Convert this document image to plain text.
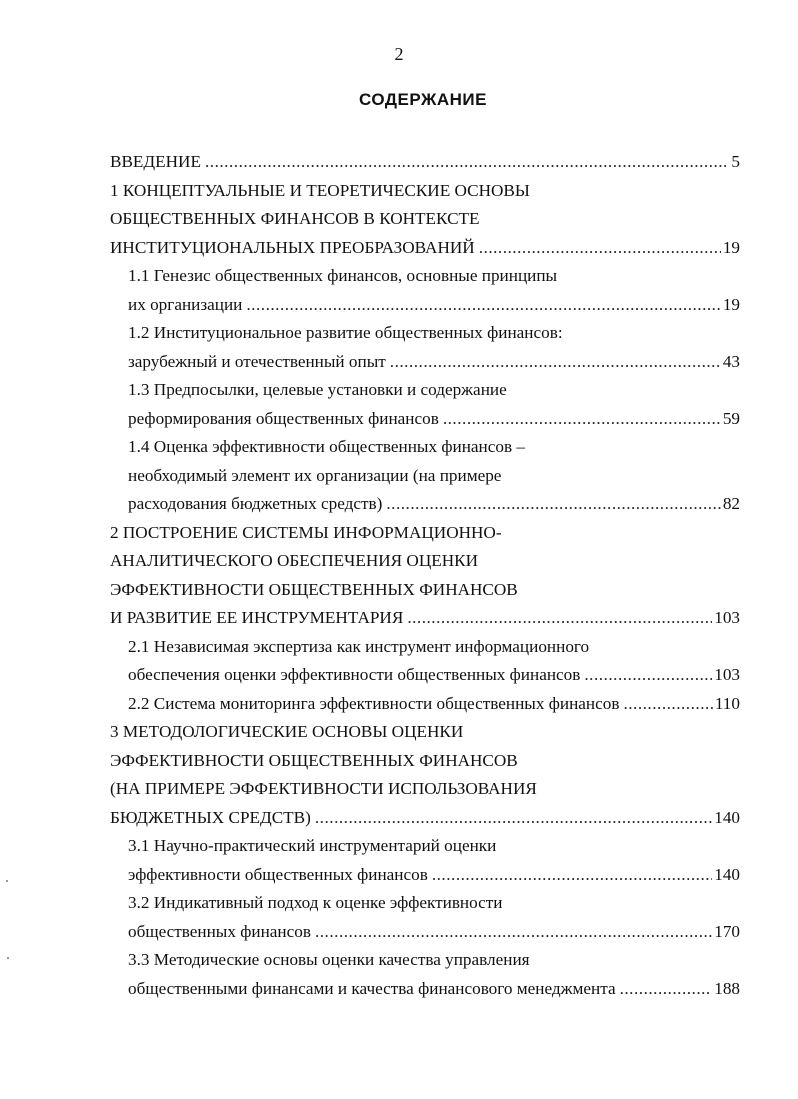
2
СОДЕРЖАНИЕ
ВВЕДЕНИЕ .....	5
1 КОНЦЕПТУАЛЬНЫЕ И ТЕОРЕТИЧЕСКИЕ ОСНОВЫ
ОБЩЕСТВЕННЫХ ФИНАНСОВ В КОНТЕКСТЕ
ИНСТИТУЦИОНАЛЬНЫХ ПРЕОБРАЗОВАНИЙ .....	19
1.1 Генезис общественных финансов, основные принципы
их организации .....	19
1.2 Институциональное развитие общественных финансов:
зарубежный и отечественный опыт .....	43
1.3 Предпосылки, целевые установки и содержание
реформирования общественных финансов .....	59
1.4 Оценка эффективности общественных финансов –
необходимый элемент их организации (на примере
расходования бюджетных средств) .....	82
2 ПОСТРОЕНИЕ СИСТЕМЫ ИНФОРМАЦИОННО-
АНАЛИТИЧЕСКОГО ОБЕСПЕЧЕНИЯ ОЦЕНКИ
ЭФФЕКТИВНОСТИ ОБЩЕСТВЕННЫХ ФИНАНСОВ
И РАЗВИТИЕ ЕЕ ИНСТРУМЕНТАРИЯ .....	103
2.1 Независимая экспертиза как инструмент информационного
обеспечения оценки эффективности общественных финансов .....	103
2.2 Система мониторинга эффективности общественных финансов .....	110
3 МЕТОДОЛОГИЧЕСКИЕ ОСНОВЫ ОЦЕНКИ
ЭФФЕКТИВНОСТИ ОБЩЕСТВЕННЫХ ФИНАНСОВ
(НА ПРИМЕРЕ ЭФФЕКТИВНОСТИ ИСПОЛЬЗОВАНИЯ
БЮДЖЕТНЫХ СРЕДСТВ) .....	140
3.1 Научно-практический инструментарий оценки
эффективности общественных финансов .....	140
3.2 Индикативный подход к оценке эффективности
общественных финансов .....	170
3.3 Методические основы оценки качества управления
общественными финансами и качества финансового менеджмента .....	188
